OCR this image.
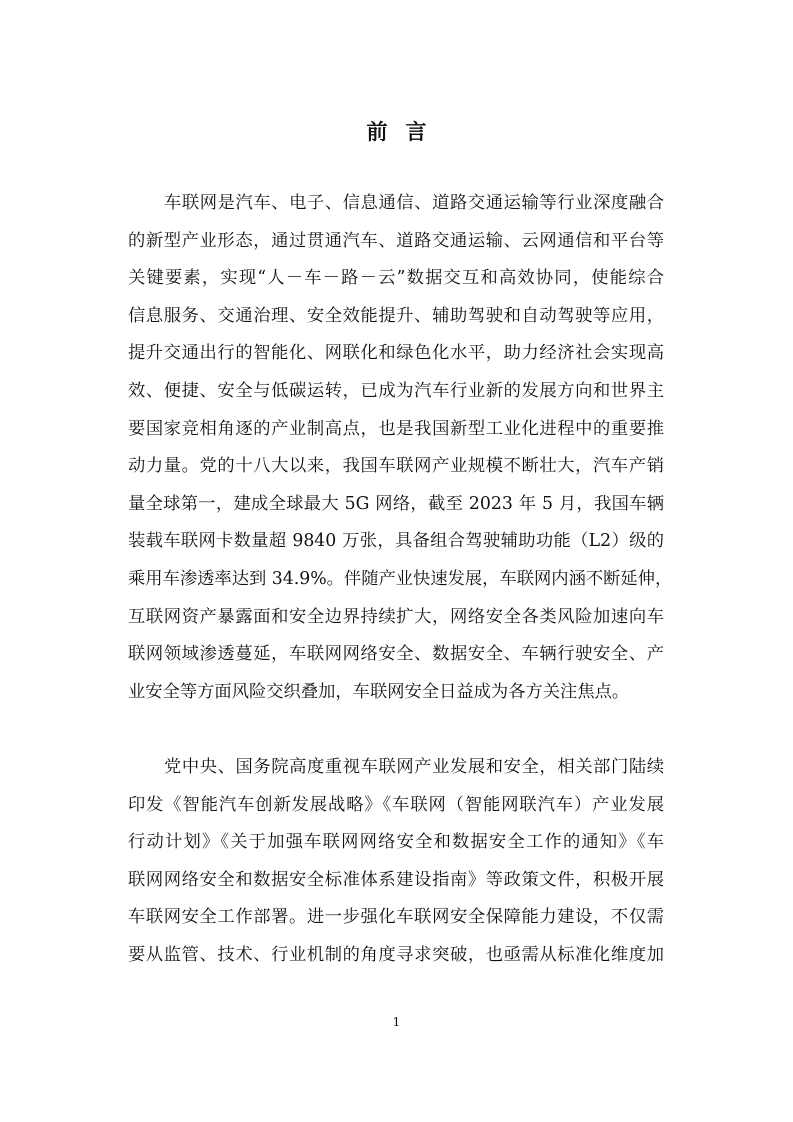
前言
车联网是汽车、电子、信息通信、道路交通运输等行业深度融合
的新型产业形态，通过贯通汽车、道路交通运输、云网通信和平台等
关键要素，实现“人－车－路－云”数据交互和高效协同，使能综合
信息服务、交通治理、安全效能提升、辅助驾驶和自动驾驶等应用，
提升交通出行的智能化、网联化和绿色化水平，助力经济社会实现高
效、便捷、安全与低碳运转，已成为汽车行业新的发展方向和世界主
要国家竞相角逐的产业制高点，也是我国新型工业化进程中的重要推
动力量。党的十八大以来，我国车联网产业规模不断壮大，汽车产销
量全球第一，建成全球最大 5G 网络，截至 2023 年 5 月，我国车辆
装载车联网卡数量超 9840 万张，具备组合驾驶辅助功能（L2）级的
乘用车渗透率达到 34.9%。伴随产业快速发展，车联网内涵不断延伸，
互联网资产暴露面和安全边界持续扩大，网络安全各类风险加速向车
联网领域渗透蔓延，车联网网络安全、数据安全、车辆行驶安全、产
业安全等方面风险交织叠加，车联网安全日益成为各方关注焦点。
党中央、国务院高度重视车联网产业发展和安全，相关部门陆续
印发《智能汽车创新发展战略》《车联网（智能网联汽车）产业发展
行动计划》《关于加强车联网网络安全和数据安全工作的通知》《车
联网网络安全和数据安全标准体系建设指南》等政策文件，积极开展
车联网安全工作部署。进一步强化车联网安全保障能力建设，不仅需
要从监管、技术、行业机制的角度寻求突破，也亟需从标准化维度加
1
